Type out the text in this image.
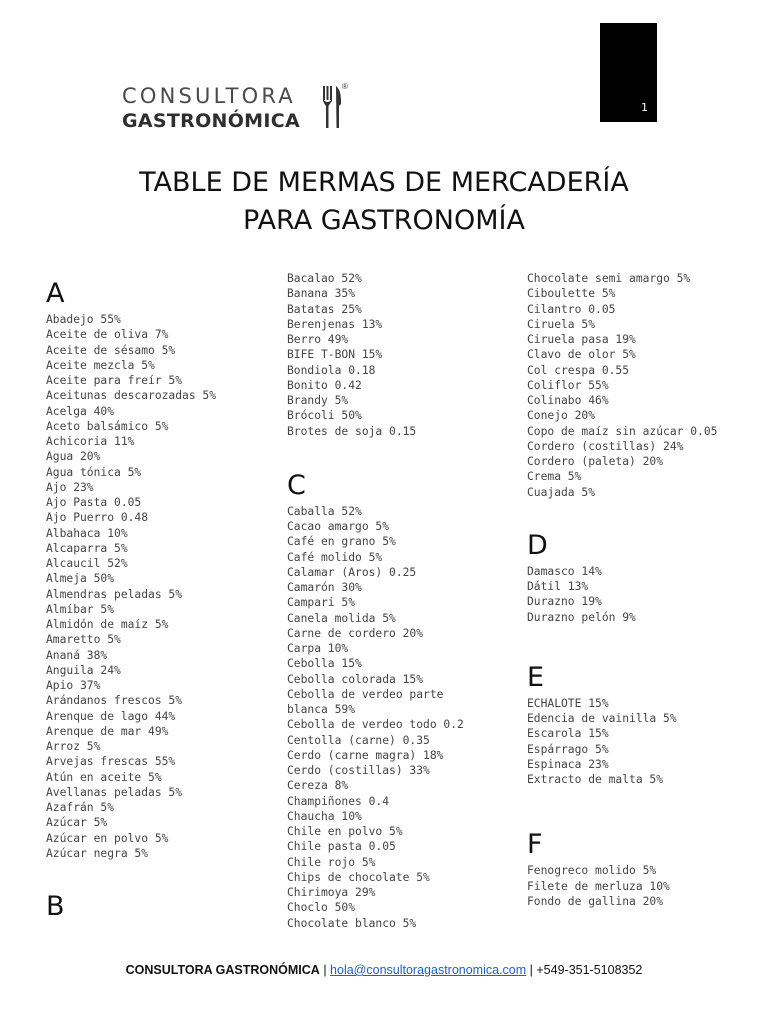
1
CONSULTORA
GASTRONÓMICA
®
TABLE DE MERMAS DE MERCADERÍA
PARA GASTRONOMÍA
A
Abadejo 55%
Aceite de oliva 7%
Aceite de sésamo 5%
Aceite mezcla 5%
Aceite para freír 5%
Aceitunas descarozadas 5%
Acelga 40%
Aceto balsámico 5%
Achicoria 11%
Agua 20%
Agua tónica 5%
Ajo 23%
Ajo Pasta 0.05
Ajo Puerro 0.48
Albahaca 10%
Alcaparra 5%
Alcaucil 52%
Almeja 50%
Almendras peladas 5%
Almíbar 5%
Almidón de maíz 5%
Amaretto 5%
Ananá 38%
Anguila 24%
Apio 37%
Arándanos frescos 5%
Arenque de lago 44%
Arenque de mar 49%
Arroz 5%
Arvejas frescas 55%
Atún en aceite 5%
Avellanas peladas 5%
Azafrán 5%
Azúcar 5%
Azúcar en polvo 5%
Azúcar negra 5%
B
Bacalao 52%
Banana 35%
Batatas 25%
Berenjenas 13%
Berro 49%
BIFE T-BON 15%
Bondiola 0.18
Bonito 0.42
Brandy 5%
Brócoli 50%
Brotes de soja 0.15
C
Caballa 52%
Cacao amargo 5%
Café en grano 5%
Café molido 5%
Calamar (Aros) 0.25
Camarón 30%
Campari 5%
Canela molida 5%
Carne de cordero 20%
Carpa 10%
Cebolla 15%
Cebolla colorada 15%
Cebolla de verdeo parte blanca 59%
Cebolla de verdeo todo 0.2
Centolla (carne) 0.35
Cerdo (carne magra) 18%
Cerdo (costillas) 33%
Cereza 8%
Champiñones 0.4
Chaucha 10%
Chile en polvo 5%
Chile pasta 0.05
Chile rojo 5%
Chips de chocolate 5%
Chirimoya 29%
Choclo 50%
Chocolate blanco 5%
Chocolate semi amargo 5%
Ciboulette 5%
Cilantro 0.05
Ciruela 5%
Ciruela pasa 19%
Clavo de olor 5%
Col crespa 0.55
Coliflor 55%
Colinabo 46%
Conejo 20%
Copo de maíz sin azúcar 0.05
Cordero (costillas) 24%
Cordero (paleta) 20%
Crema 5%
Cuajada 5%
D
Damasco 14%
Dátil 13%
Durazno 19%
Durazno pelón 9%
E
ECHALOTE 15%
Edencia de vainilla 5%
Escarola 15%
Espárrago 5%
Espinaca 23%
Extracto de malta 5%
F
Fenogreco molido 5%
Filete de merluza 10%
Fondo de gallina 20%
CONSULTORA GASTRONÓMICA | hola@consultoragastronomica.com | +549-351-5108352
